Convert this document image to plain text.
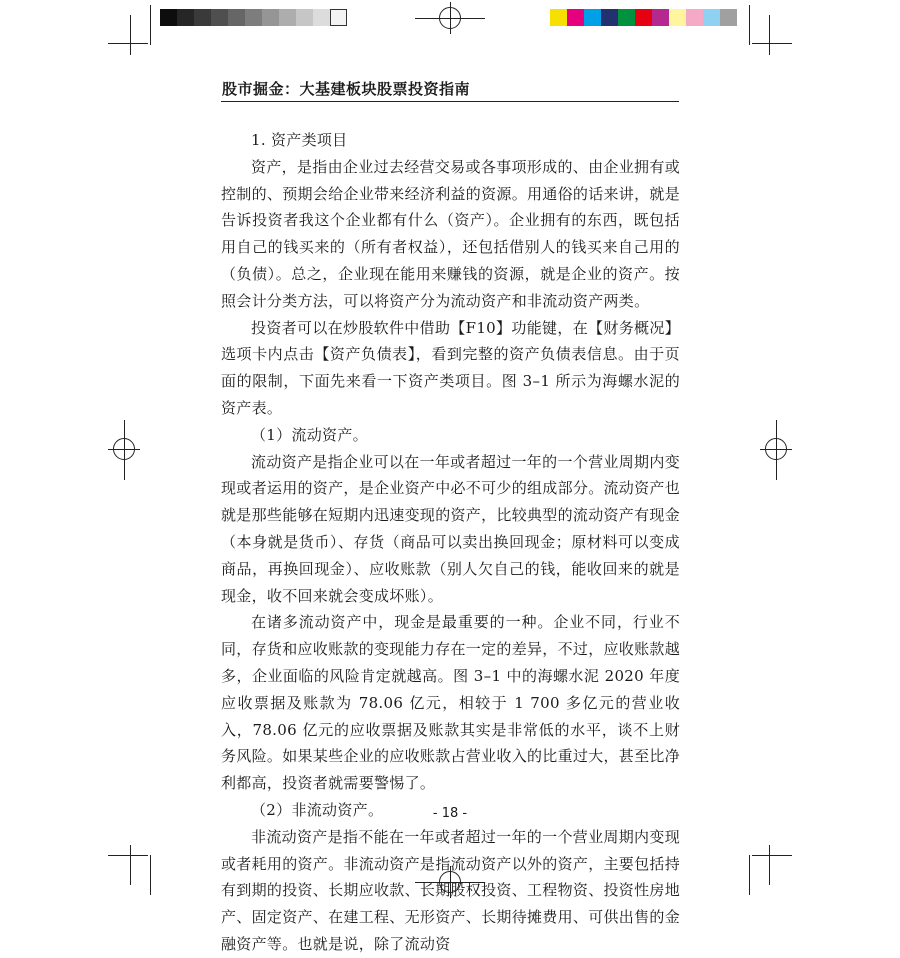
股市掘金：大基建板块股票投资指南

1. 资产类项目

资产，是指由企业过去经营交易或各事项形成的、由企业拥有或控制的、预期会给企业带来经济利益的资源。用通俗的话来讲，就是告诉投资者我这个企业都有什么（资产）。企业拥有的东西，既包括用自己的钱买来的（所有者权益），还包括借别人的钱买来自己用的（负债）。总之，企业现在能用来赚钱的资源，就是企业的资产。按照会计分类方法，可以将资产分为流动资产和非流动资产两类。

投资者可以在炒股软件中借助【F10】功能键，在【财务概况】选项卡内点击【资产负债表】，看到完整的资产负债表信息。由于页面的限制，下面先来看一下资产类项目。图 3–1 所示为海螺水泥的资产表。

（1）流动资产。

流动资产是指企业可以在一年或者超过一年的一个营业周期内变现或者运用的资产，是企业资产中必不可少的组成部分。流动资产也就是那些能够在短期内迅速变现的资产，比较典型的流动资产有现金（本身就是货币）、存货（商品可以卖出换回现金；原材料可以变成商品，再换回现金）、应收账款（别人欠自己的钱，能收回来的就是现金，收不回来就会变成坏账）。

在诸多流动资产中，现金是最重要的一种。企业不同，行业不同，存货和应收账款的变现能力存在一定的差异，不过，应收账款越多，企业面临的风险肯定就越高。图 3–1 中的海螺水泥 2020 年度应收票据及账款为 78.06 亿元，相较于 1 700 多亿元的营业收入，78.06 亿元的应收票据及账款其实是非常低的水平，谈不上财务风险。如果某些企业的应收账款占营业收入的比重过大，甚至比净利都高，投资者就需要警惕了。

（2）非流动资产。

非流动资产是指不能在一年或者超过一年的一个营业周期内变现或者耗用的资产。非流动资产是指流动资产以外的资产，主要包括持有到期的投资、长期应收款、长期股权投资、工程物资、投资性房地产、固定资产、在建工程、无形资产、长期待摊费用、可供出售的金融资产等。也就是说，除了流动资

- 18 -
